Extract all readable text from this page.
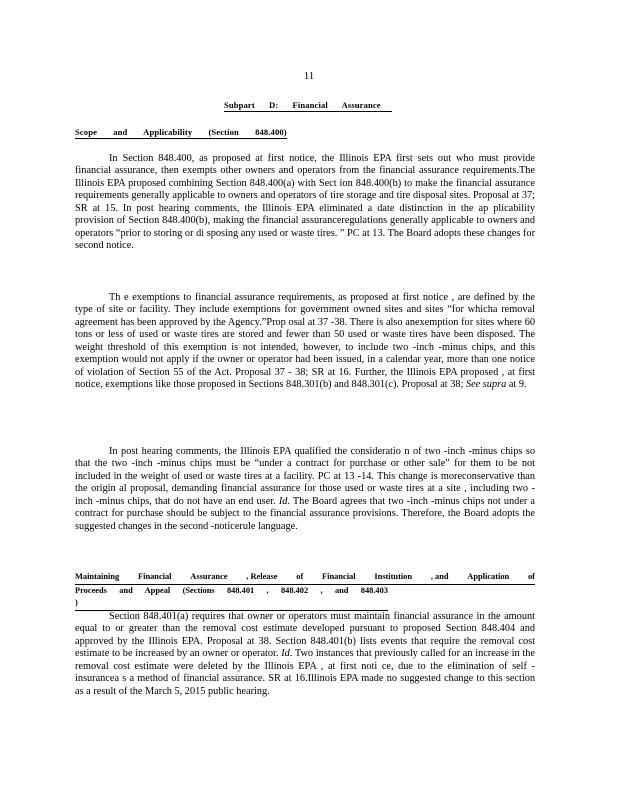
11
Subpart D: Financial Assurance
Scope and Applicability (Section 848.400)

In Section 848.400, as proposed at first notice, the Illinois EPA first sets out who must provide financial assurance, then exempts other owners and operators from the financial assurance requirements.The Illinois EPA proposed combining Section 848.400(a) with Sect ion 848.400(b) to make the financial assurance requirements generally applicable to owners and operators of tire storage and tire disposal sites. Proposal at 37; SR at 15. In post hearing comments, the Illinois EPA eliminated a date distinction in the ap plicability provision of Section 848.400(b), making the financial assuranceregulations generally applicable to owners and operators “prior to storing or di sposing any used or waste tires. ” PC at 13. The Board adopts these changes for second notice.

Th e exemptions to financial assurance requirements, as proposed at first notice , are defined by the type of site or facility. They include exemptions for government owned sites and sites “for whicha removal agreement has been approved by the Agency.”Prop osal at 37 -38. There is also anexemption for sites where 60 tons or less of used or waste tires are stored and fewer than 50 used or waste tires have been disposed. The weight threshold of this exemption is not intended, however, to include two -inch -minus chips, and this exemption would not apply if the owner or operator had been issued, in a calendar year, more than one notice of violation of Section 55 of the Act. Proposal 37 - 38; SR at 16. Further, the Illinois EPA proposed , at first notice, exemptions like those proposed in Sections 848.301(b) and 848.301(c). Proposal at 38; See supra at 9.

In post hearing comments, the Illinois EPA qualified the consideratio n of two -inch -minus chips so that the two -inch -minus chips must be “under a contract for purchase or other sale” for them to be not included in the weight of used or waste tires at a facility. PC at 13 -14. This change is moreconservative than the origin al proposal, demanding financial assurance for those used or waste tires at a site , including two -inch -minus chips, that do not have an end user. Id. The Board agrees that two -inch -minus chips not under a contract for purchase should be subject to the financial assurance provisions. Therefore, the Board adopts the suggested changes in the second -noticerule language.

Maintaining Financial Assurance , Release of Financial Institution , and Application of
Proceeds and Appeal (Sections 848.401 , 848.402 , and 848.403 )

Section 848.401(a) requires that owner or operators must maintain financial assurance in the amount equal to or greater than the removal cost estimate developed pursuant to proposed Section 848.404 and approved by the Illinois EPA. Proposal at 38. Section 848.401(b) lists events that require the removal cost estimate to be increased by an owner or operator. Id. Two instances that previously called for an increase in the removal cost estimate were deleted by the Illinois EPA , at first noti ce, due to the elimination of self - insurancea s a method of financial assurance. SR at 16.Illinois EPA made no suggested change to this section as a result of the March 5, 2015 public hearing.
